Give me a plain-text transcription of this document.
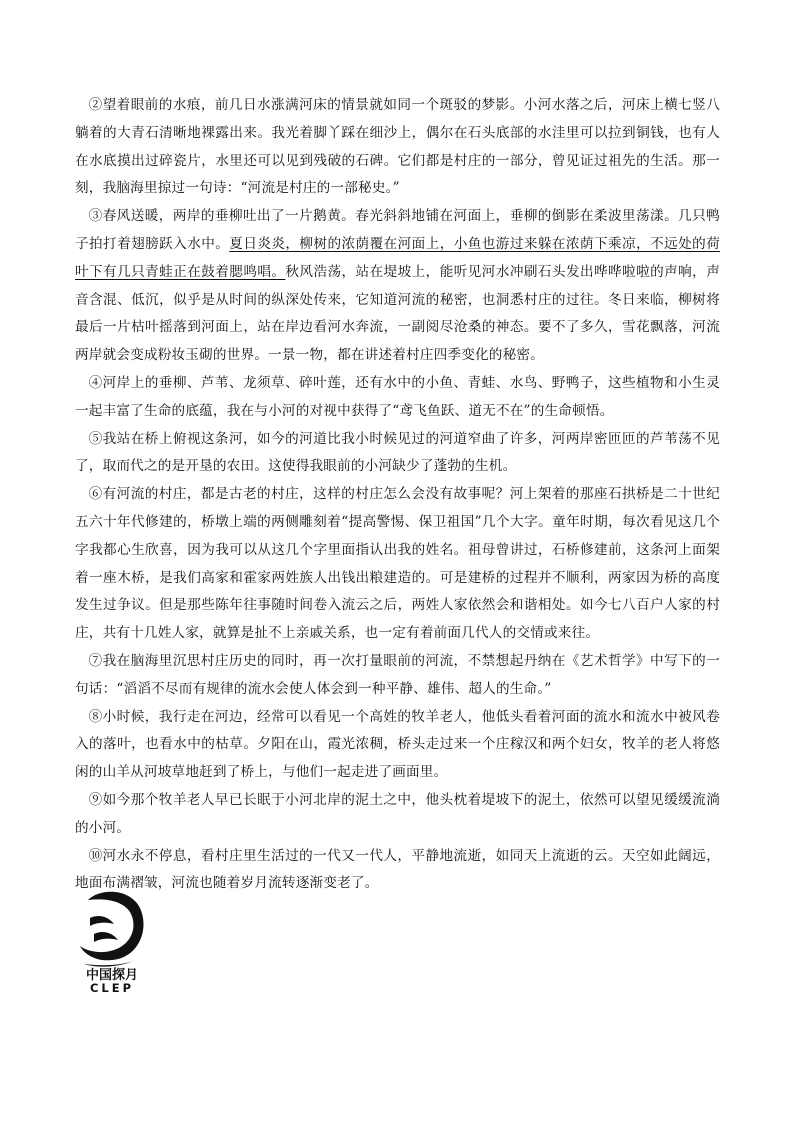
②望着眼前的水痕，前几日水涨满河床的情景就如同一个斑驳的梦影。小河水落之后，河床上横七竖八躺着的大青石清晰地裸露出来。我光着脚丫踩在细沙上，偶尔在石头底部的水洼里可以拉到铜钱，也有人在水底摸出过碎瓷片，水里还可以见到残破的石碑。它们都是村庄的一部分，曾见证过祖先的生活。那一刻，我脑海里掠过一句诗：“河流是村庄的一部秘史。”

③春风送暖，两岸的垂柳吐出了一片鹅黄。春光斜斜地铺在河面上，垂柳的倒影在柔波里荡漾。几只鸭子拍打着翅膀跃入水中。夏日炎炎，柳树的浓荫覆在河面上，小鱼也游过来躲在浓荫下乘凉，不远处的荷叶下有几只青蛙正在鼓着腮鸣唱。秋风浩荡，站在堤坡上，能听见河水冲刷石头发出哗哗啦啦的声响，声音含混、低沉，似乎是从时间的纵深处传来，它知道河流的秘密，也洞悉村庄的过往。冬日来临，柳树将最后一片枯叶摇落到河面上，站在岸边看河水奔流，一副阅尽沧桑的神态。要不了多久，雪花飘落，河流两岸就会变成粉妆玉砌的世界。一景一物，都在讲述着村庄四季变化的秘密。

④河岸上的垂柳、芦苇、龙须草、碎叶莲，还有水中的小鱼、青蛙、水鸟、野鸭子，这些植物和小生灵一起丰富了生命的底蕴，我在与小河的对视中获得了“鸢飞鱼跃、道无不在”的生命顿悟。

⑤我站在桥上俯视这条河，如今的河道比我小时候见过的河道窄曲了许多，河两岸密匝匝的芦苇荡不见了，取而代之的是开垦的农田。这使得我眼前的小河缺少了蓬勃的生机。

⑥有河流的村庄，都是古老的村庄，这样的村庄怎么会没有故事呢？河上架着的那座石拱桥是二十世纪五六十年代修建的，桥墩上端的两侧雕刻着“提高警惕、保卫祖国”几个大字。童年时期，每次看见这几个字我都心生欣喜，因为我可以从这几个字里面指认出我的姓名。祖母曾讲过，石桥修建前，这条河上面架着一座木桥，是我们高家和霍家两姓族人出钱出粮建造的。可是建桥的过程并不顺利，两家因为桥的高度发生过争议。但是那些陈年往事随时间卷入流云之后，两姓人家依然会和谐相处。如今七八百户人家的村庄，共有十几姓人家，就算是扯不上亲戚关系，也一定有着前面几代人的交情或来往。

⑦我在脑海里沉思村庄历史的同时，再一次打量眼前的河流，不禁想起丹纳在《艺术哲学》中写下的一句话：“滔滔不尽而有规律的流水会使人体会到一种平静、雄伟、超人的生命。”

⑧小时候，我行走在河边，经常可以看见一个高姓的牧羊老人，他低头看着河面的流水和流水中被风卷入的落叶，也看水中的枯草。夕阳在山，霞光浓稠，桥头走过来一个庄稼汉和两个妇女，牧羊的老人将悠闲的山羊从河坡草地赶到了桥上，与他们一起走进了画面里。

⑨如今那个牧羊老人早已长眠于小河北岸的泥土之中，他头枕着堤坡下的泥土，依然可以望见缓缓流淌的小河。

⑩河水永不停息，看村庄里生活过的一代又一代人，平静地流逝，如同天上流逝的云。天空如此阔远，地面布满褶皱，河流也随着岁月流转逐渐变老了。

中国探月
CLEP
